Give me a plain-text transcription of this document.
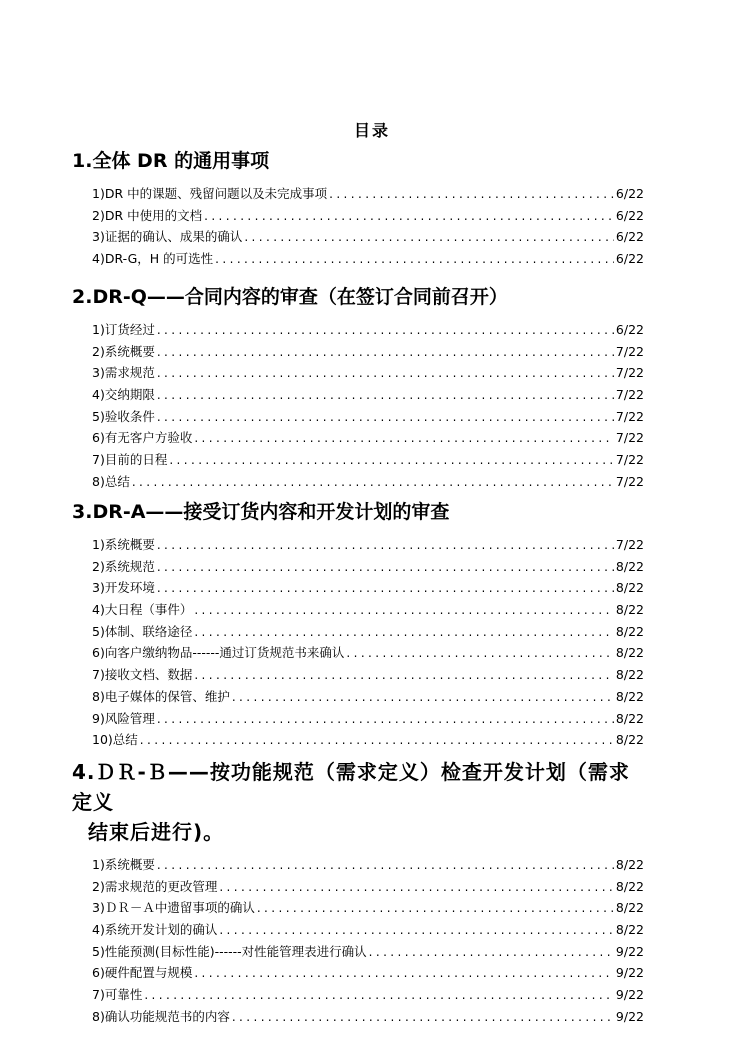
目录
1.全体 DR 的通用事项
1)DR 中的课题、残留问题以及未完成事项 .....	6/22
2)DR 中使用的文档 .....	6/22
3)证据的确认、成果的确认 .....	6/22
4)DR-G，H 的可选性 .....	6/22
2.DR-Q——合同内容的审查（在签订合同前召开）
1)订货经过 .....	6/22
2)系统概要 .....	7/22
3)需求规范 .....	7/22
4)交纳期限 .....	7/22
5)验收条件 .....	7/22
6)有无客户方验收 .....	7/22
7)目前的日程 .....	7/22
8)总结 .....	7/22
3.DR-A——接受订货内容和开发计划的审查
1)系统概要 .....	7/22
2)系统规范 .....	8/22
3)开发环境 .....	8/22
4)大日程（事件） .....	8/22
5)体制、联络途径 .....	8/22
6)向客户缴纳物品------通过订货规范书来确认 .....	8/22
7)接收文档、数据 .....	8/22
8)电子媒体的保管、维护 .....	8/22
9)风险管理 .....	8/22
10)总结 .....	8/22
4.ＤＲ-Ｂ——按功能规范（需求定义）检查开发计划（需求定义
结束后进行)。
1)系统概要 .....	8/22
2)需求规范的更改管理 .....	8/22
3)ＤＲ－Ａ中遗留事项的确认 .....	8/22
4)系统开发计划的确认 .....	8/22
5)性能预测(目标性能)------对性能管理表进行确认 .....	9/22
6)硬件配置与规模 .....	9/22
7)可靠性 .....	9/22
8)确认功能规范书的内容 .....	9/22
